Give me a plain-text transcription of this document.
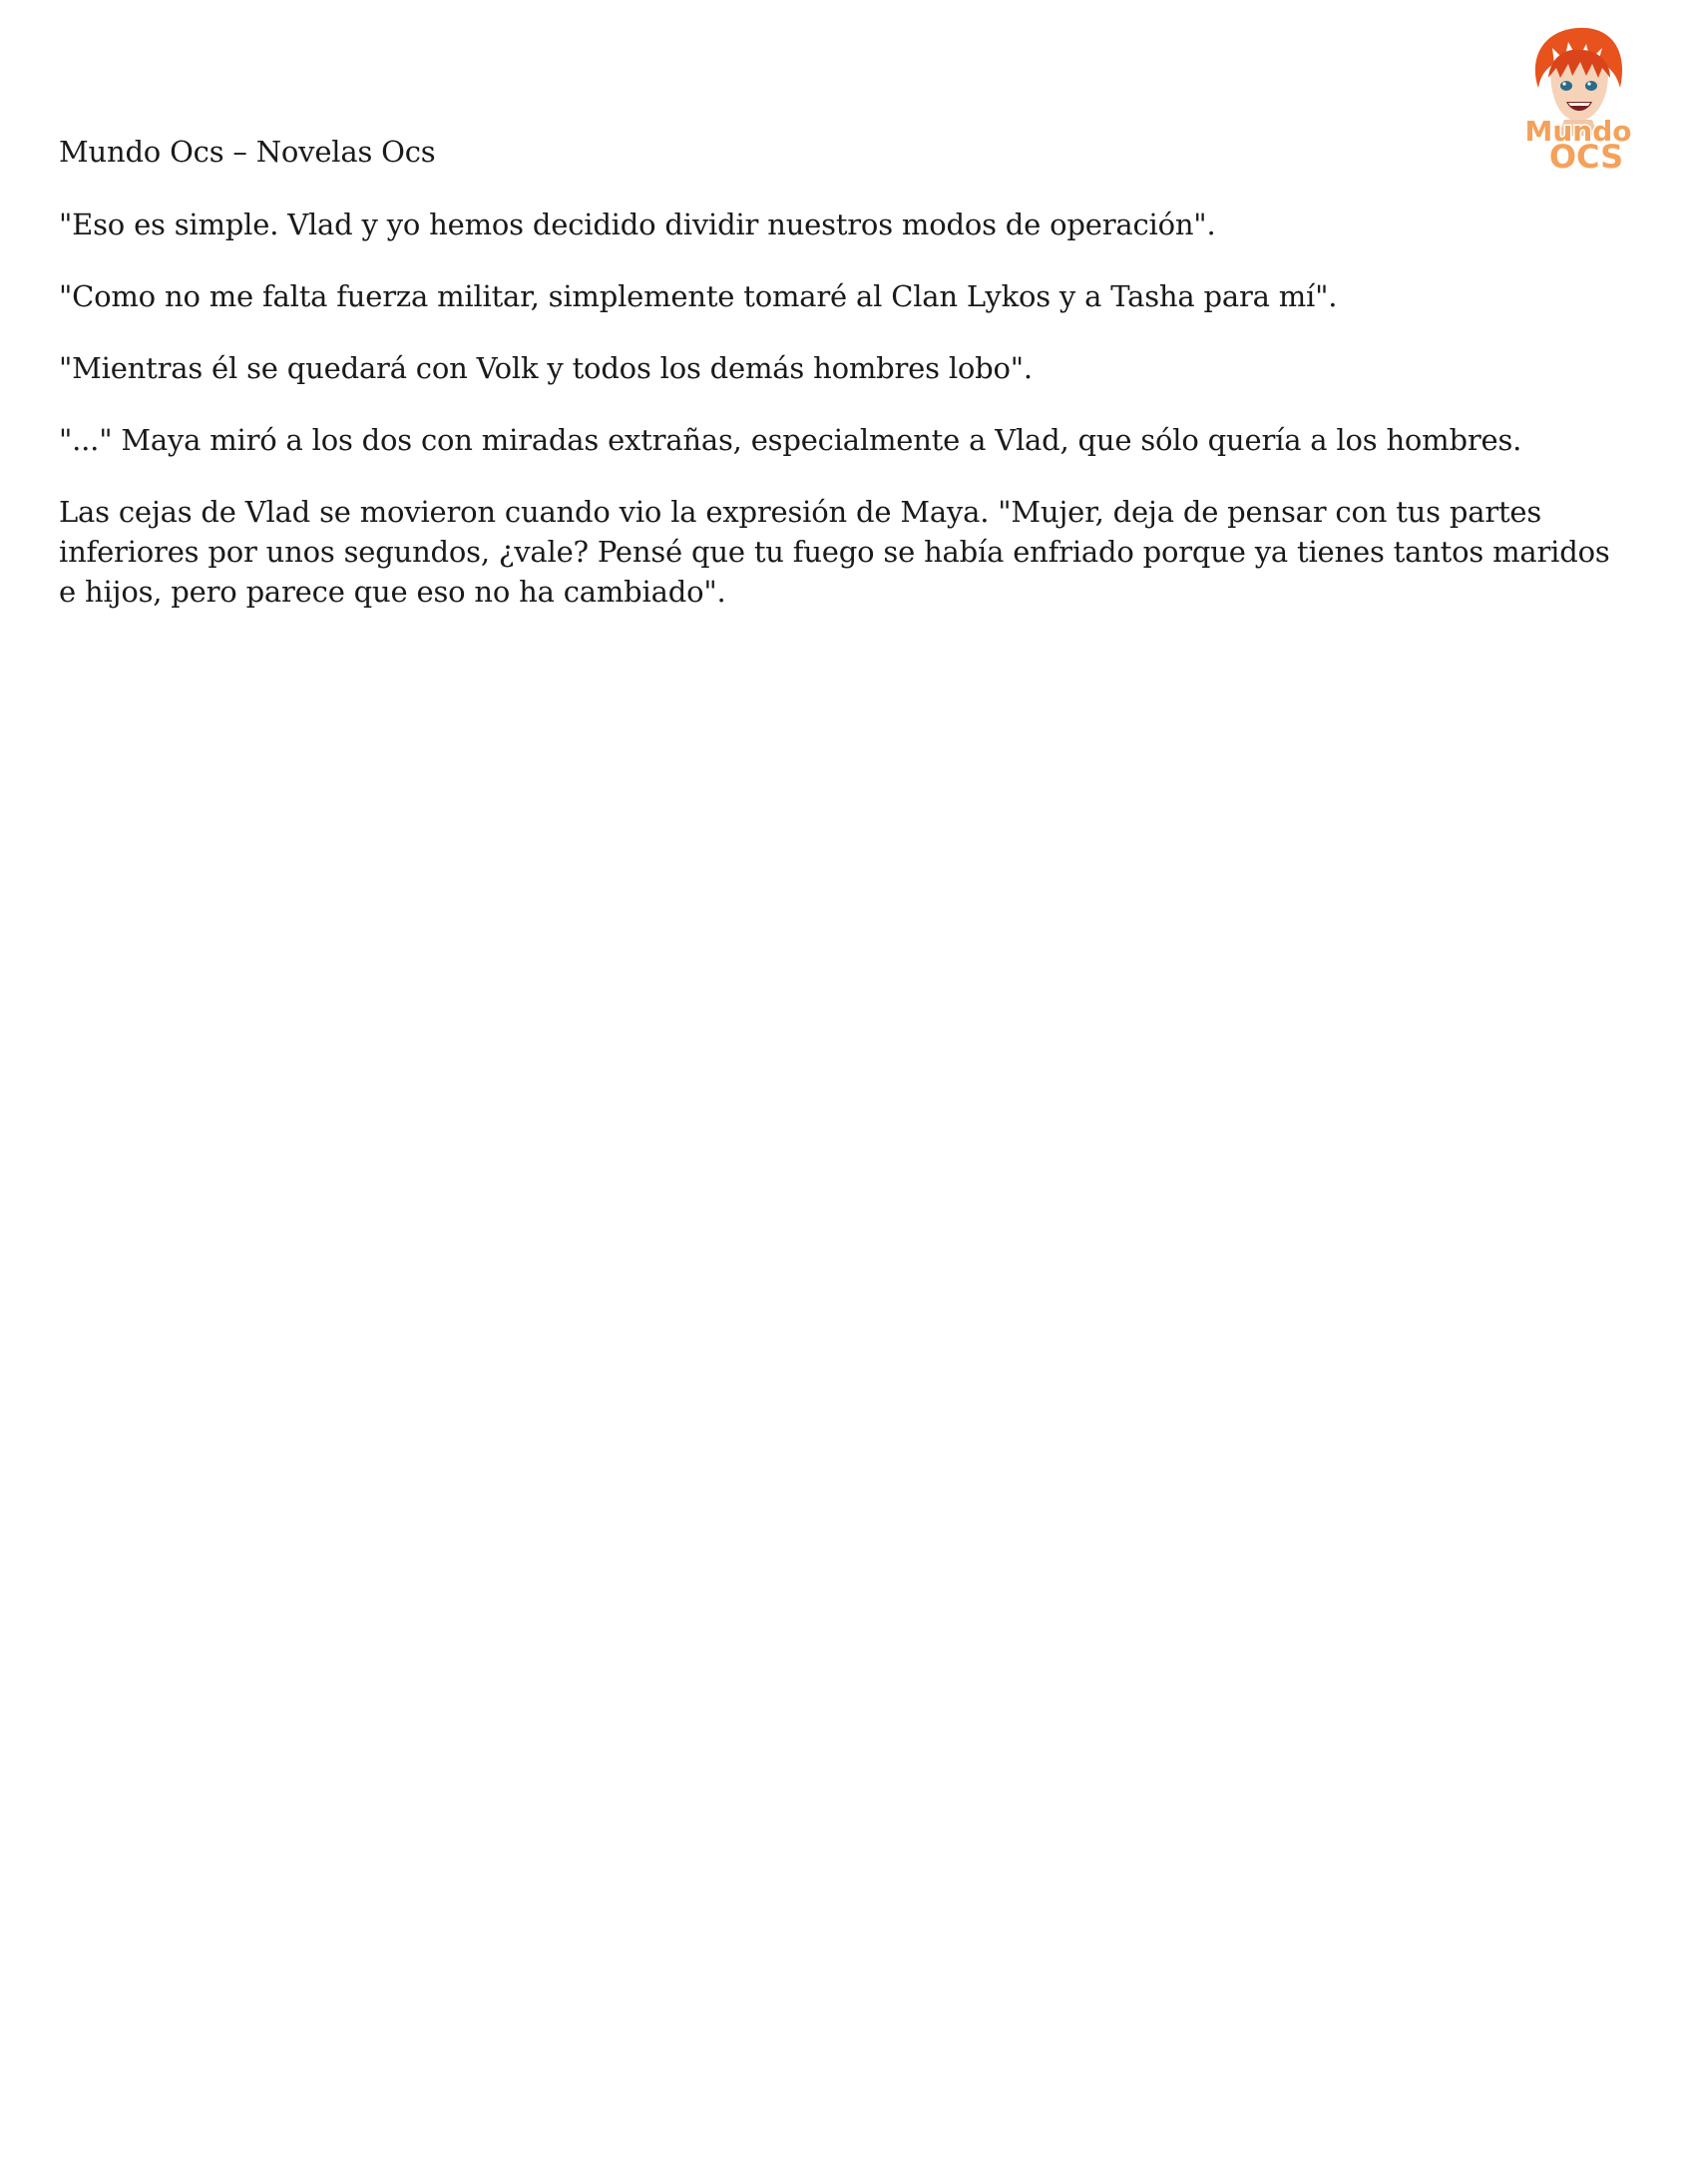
Mundo
OCS

Mundo Ocs – Novelas Ocs

"Eso es simple. Vlad y yo hemos decidido dividir nuestros modos de operación".

"Como no me falta fuerza militar, simplemente tomaré al Clan Lykos y a Tasha para mí".

"Mientras él se quedará con Volk y todos los demás hombres lobo".

"..." Maya miró a los dos con miradas extrañas, especialmente a Vlad, que sólo quería a los hombres.

Las cejas de Vlad se movieron cuando vio la expresión de Maya. "Mujer, deja de pensar con tus partes inferiores por unos segundos, ¿vale? Pensé que tu fuego se había enfriado porque ya tienes tantos maridos e hijos, pero parece que eso no ha cambiado".
